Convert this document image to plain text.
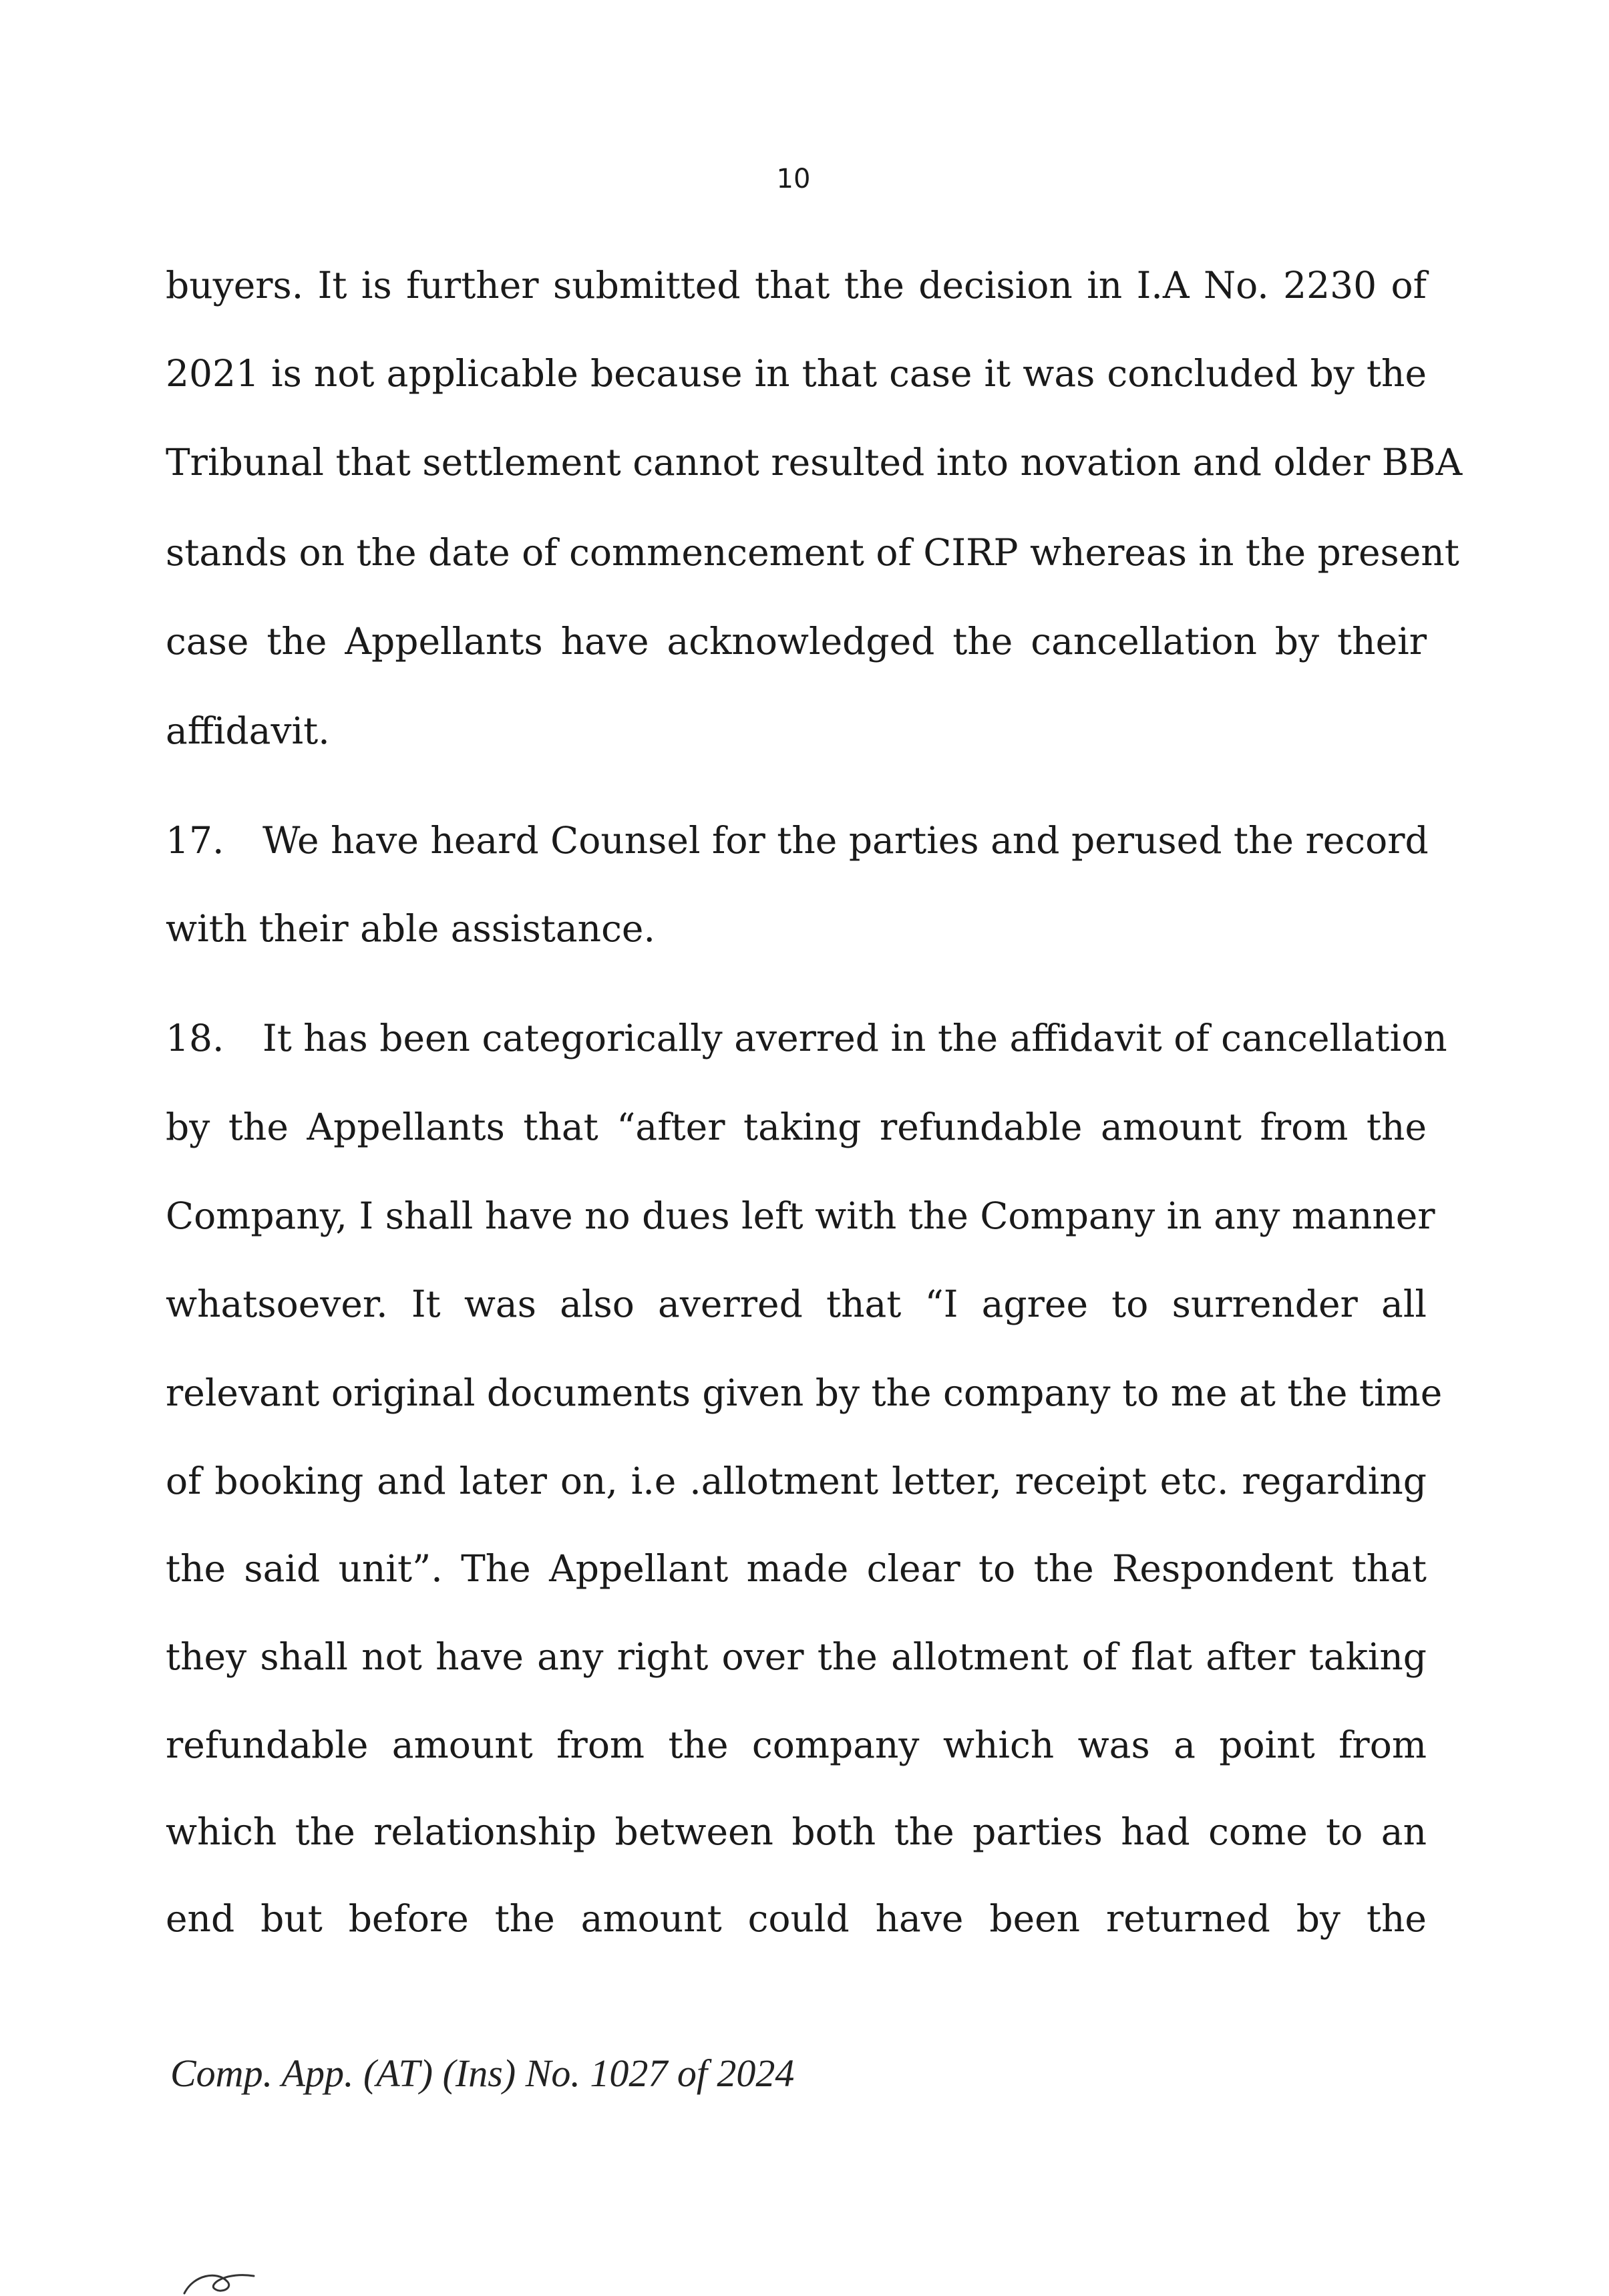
10
buyers. It is further submitted that the decision in I.A No. 2230 of
2021 is not applicable because in that case it was concluded by the
Tribunal that settlement cannot resulted into novation and older BBA
stands on the date of commencement of CIRP whereas in the present
case the Appellants have acknowledged the cancellation by their
affidavit.
17. We have heard Counsel for the parties and perused the record
with their able assistance.
18. It has been categorically averred in the affidavit of cancellation
by the Appellants that “after taking refundable amount from the
Company, I shall have no dues left with the Company in any manner
whatsoever. It was also averred that “I agree to surrender all
relevant original documents given by the company to me at the time
of booking and later on, i.e .allotment letter, receipt etc. regarding
the said unit”. The Appellant made clear to the Respondent that
they shall not have any right over the allotment of flat after taking
refundable amount from the company which was a point from
which the relationship between both the parties had come to an
end but before the amount could have been returned by the
Comp. App. (AT) (Ins) No. 1027 of 2024
